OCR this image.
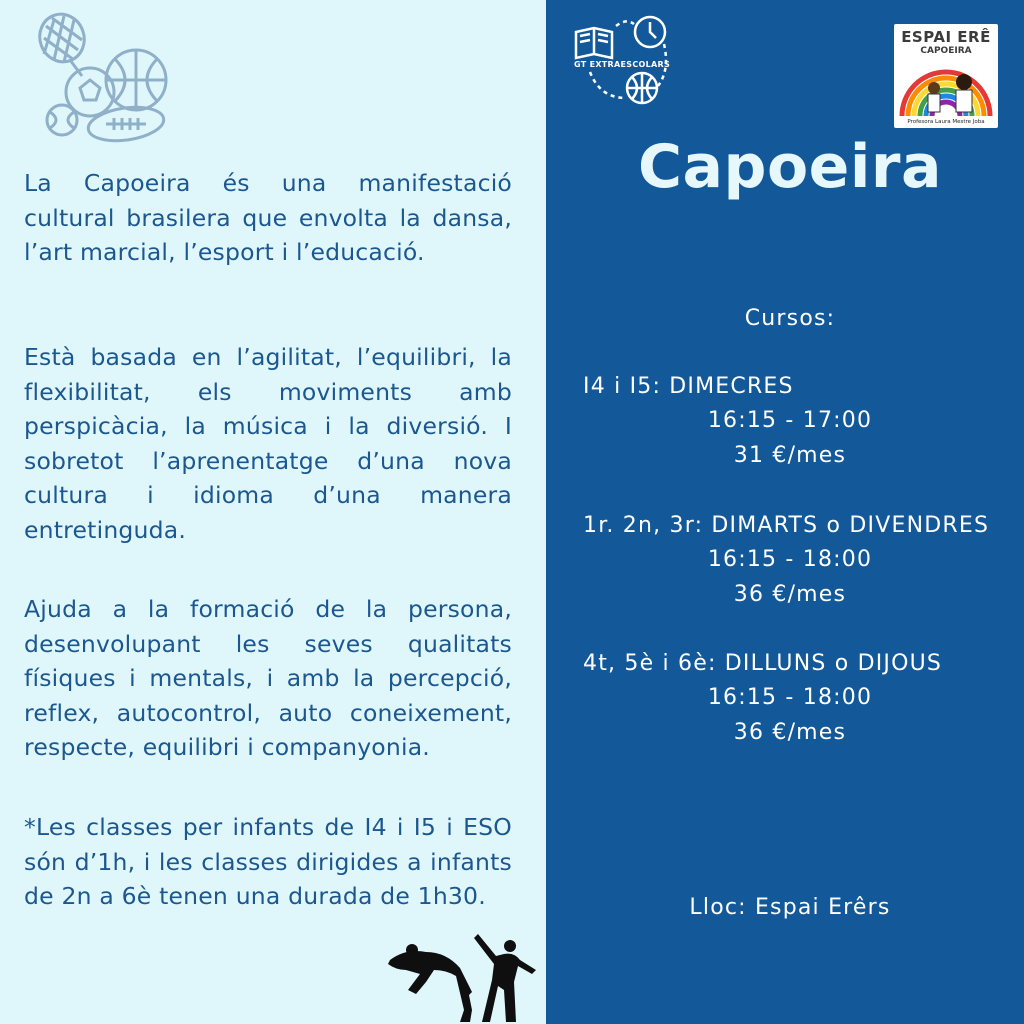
La Capoeira és una manifestació cultural brasilera que envolta la dansa, l’art marcial, l’esport i l’educació.

Està basada en l’agilitat, l’equilibri, la flexibilitat, els moviments amb perspicàcia, la música i la diversió. I sobretot l’aprenentatge d’una nova cultura i idioma d’una manera entretinguda.

Ajuda a la formació de la persona, desenvolupant les seves qualitats físiques i mentals, i amb la percepció, reflex, autocontrol, auto coneixement, respecte, equilibri i companyonia.

*Les classes per infants de I4 i I5 i ESO són d’1h, i les classes dirigides a infants de 2n a 6è tenen una durada de 1h30.

GT EXTRAESCOLARS
ESPAI ERÊ
CAPOEIRA
Profesora Laura Mestre Joba
Capoeira
Cursos:
I4 i I5: DIMECRES
16:15 - 17:00
31 €/mes
1r. 2n, 3r: DIMARTS o DIVENDRES
16:15 - 18:00
36 €/mes
4t, 5è i 6è: DILLUNS o DIJOUS
16:15 - 18:00
36 €/mes
Lloc: Espai Erêrs
